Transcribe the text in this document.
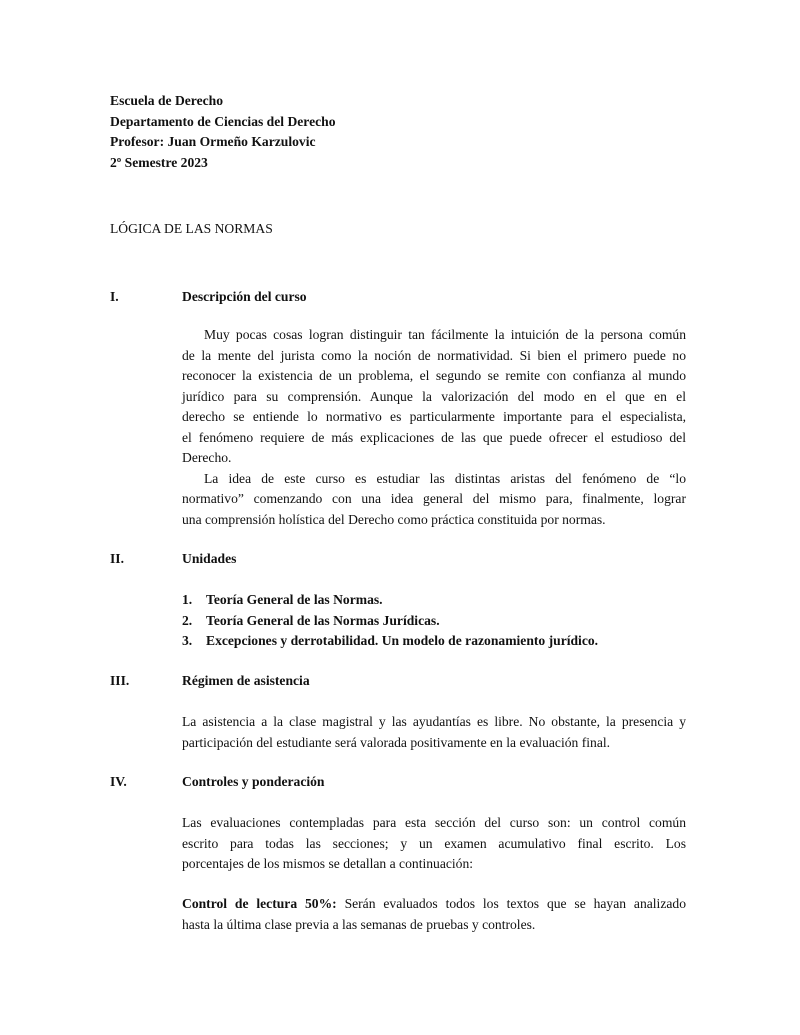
Escuela de Derecho
Departamento de Ciencias del Derecho
Profesor: Juan Ormeño Karzulovic
2º Semestre 2023
LÓGICA DE LAS NORMAS
I.	Descripción del curso
Muy pocas cosas logran distinguir tan fácilmente la intuición de la persona común
de la mente del jurista como la noción de normatividad. Si bien el primero puede no
reconocer la existencia de un problema, el segundo se remite con confianza al mundo
jurídico para su comprensión. Aunque la valorización del modo en el que en el
derecho se entiende lo normativo es particularmente importante para el especialista,
el fenómeno requiere de más explicaciones de las que puede ofrecer el estudioso del
Derecho.
La idea de este curso es estudiar las distintas aristas del fenómeno de “lo
normativo” comenzando con una idea general del mismo para, finalmente, lograr
una comprensión holística del Derecho como práctica constituida por normas.
II.	Unidades
1. Teoría General de las Normas.
2. Teoría General de las Normas Jurídicas.
3. Excepciones y derrotabilidad. Un modelo de razonamiento jurídico.
III.	Régimen de asistencia
La asistencia a la clase magistral y las ayudantías es libre. No obstante, la presencia y
participación del estudiante será valorada positivamente en la evaluación final.
IV.	Controles y ponderación
Las evaluaciones contempladas para esta sección del curso son: un control común
escrito para todas las secciones; y un examen acumulativo final escrito. Los
porcentajes de los mismos se detallan a continuación:
Control de lectura 50%: Serán evaluados todos los textos que se hayan analizado
hasta la última clase previa a las semanas de pruebas y controles.
